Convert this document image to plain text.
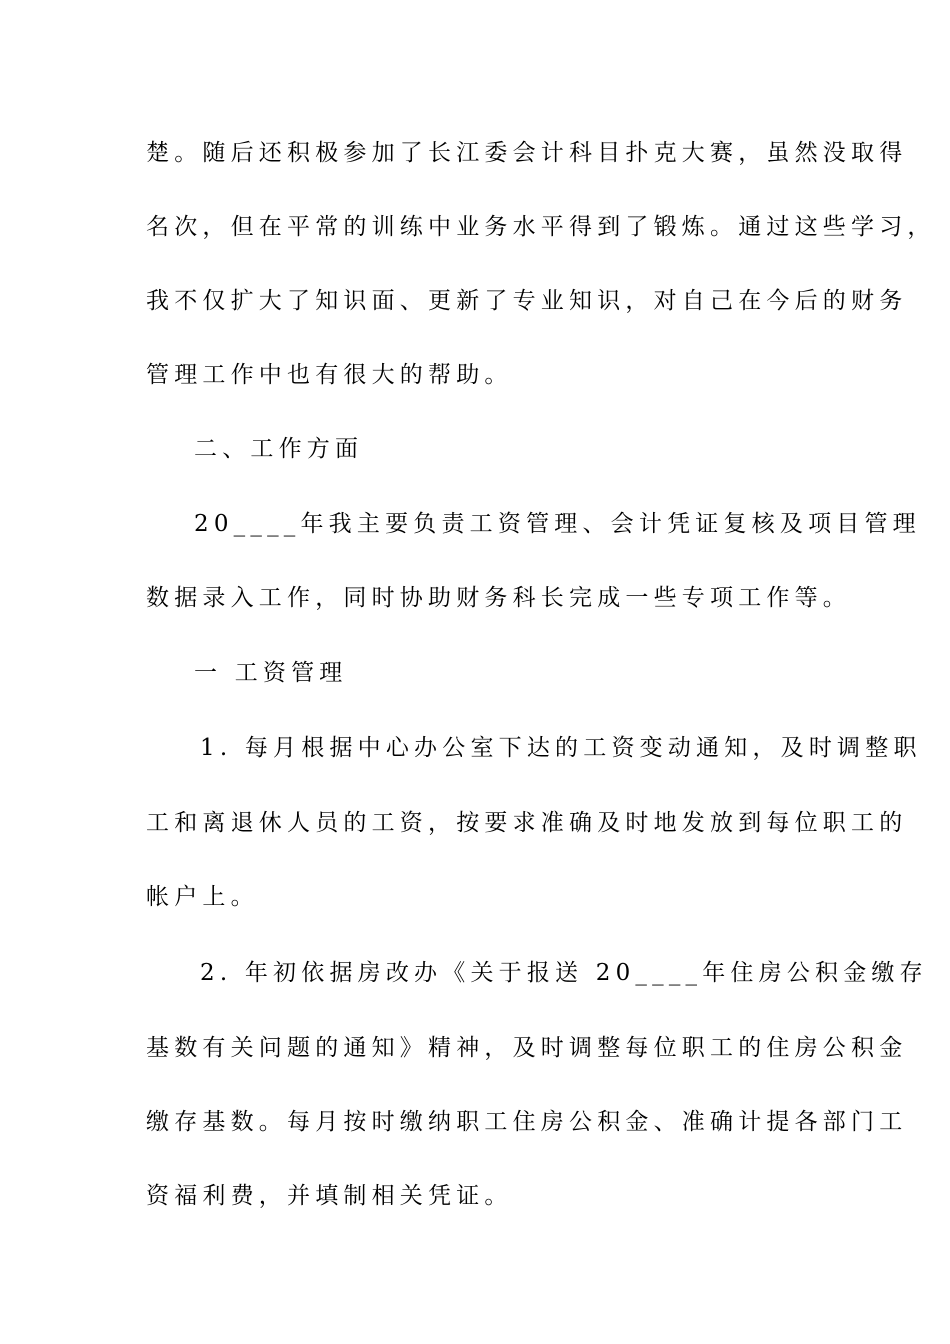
楚。随后还积极参加了长江委会计科目扑克大赛，虽然没取得
名次，但在平常的训练中业务水平得到了锻炼。通过这些学习，
我不仅扩大了知识面、更新了专业知识，对自己在今后的财务
管理工作中也有很大的帮助。
二、工作方面
20____年我主要负责工资管理、会计凭证复核及项目管理
数据录入工作，同时协助财务科长完成一些专项工作等。
一 工资管理
1. 每月根据中心办公室下达的工资变动通知，及时调整职
工和离退休人员的工资，按要求准确及时地发放到每位职工的
帐户上。
2. 年初依据房改办《关于报送 20____年住房公积金缴存
基数有关问题的通知》精神，及时调整每位职工的住房公积金
缴存基数。每月按时缴纳职工住房公积金、准确计提各部门工
资福利费，并填制相关凭证。
